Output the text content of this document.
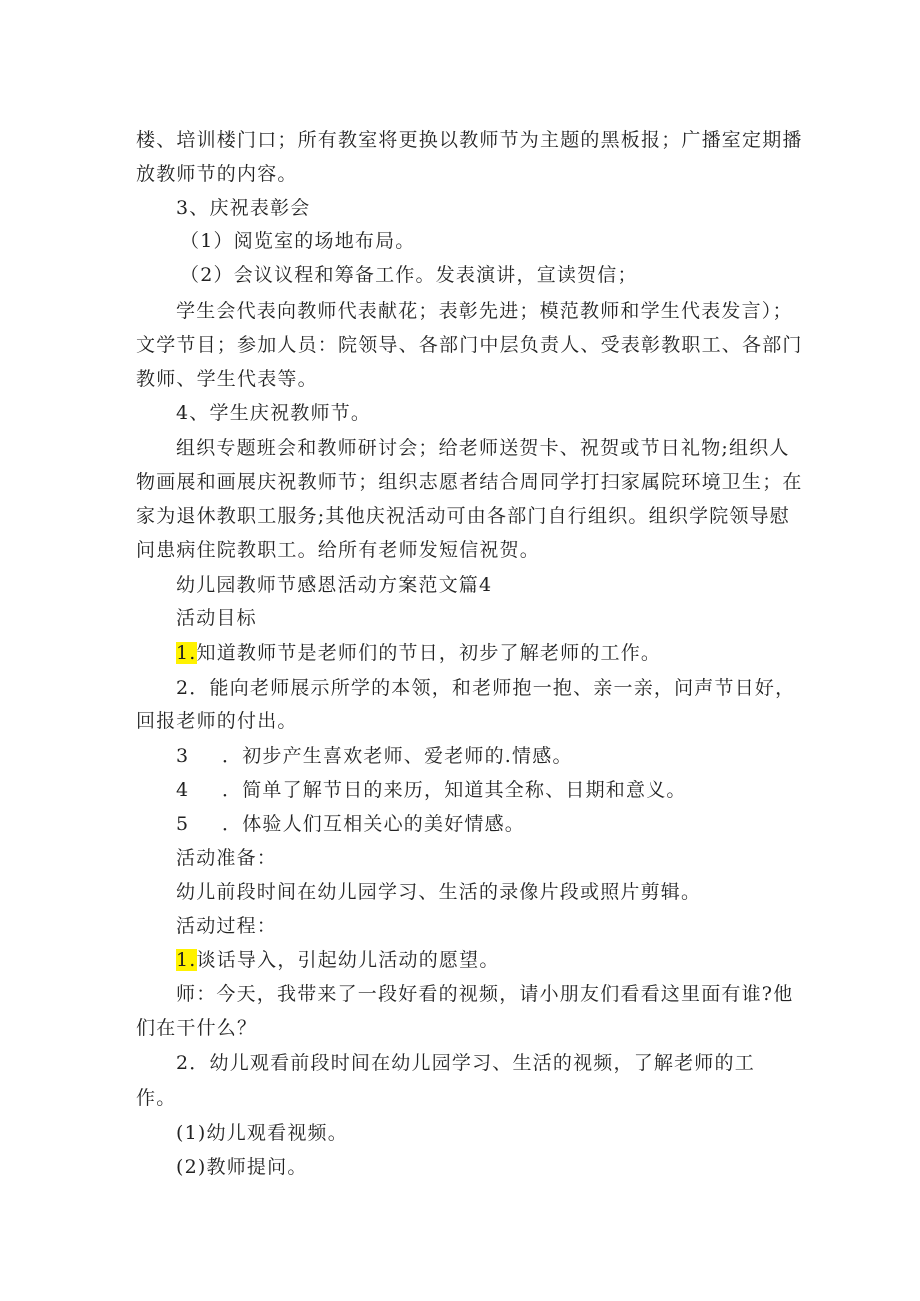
楼、培训楼门口；所有教室将更换以教师节为主题的黑板报；广播室定期播

放教师节的内容。

3、庆祝表彰会

（1）阅览室的场地布局。

（2）会议议程和筹备工作。发表演讲，宣读贺信；

学生会代表向教师代表献花；表彰先进；模范教师和学生代表发言）；

文学节目；参加人员：院领导、各部门中层负责人、受表彰教职工、各部门

教师、学生代表等。

4、学生庆祝教师节。

组织专题班会和教师研讨会；给老师送贺卡、祝贺或节日礼物;组织人

物画展和画展庆祝教师节；组织志愿者结合周同学打扫家属院环境卫生；在

家为退休教职工服务;其他庆祝活动可由各部门自行组织。组织学院领导慰

问患病住院教职工。给所有老师发短信祝贺。

幼儿园教师节感恩活动方案范文篇4

活动目标

1.知道教师节是老师们的节日，初步了解老师的工作。

2．能向老师展示所学的本领，和老师抱一抱、亲一亲，问声节日好，

回报老师的付出。

3 ．初步产生喜欢老师、爱老师的.情感。

4 ．简单了解节日的来历，知道其全称、日期和意义。

5 ．体验人们互相关心的美好情感。

活动准备：

幼儿前段时间在幼儿园学习、生活的录像片段或照片剪辑。

活动过程：

1.谈话导入，引起幼儿活动的愿望。

师：今天，我带来了一段好看的视频，请小朋友们看看这里面有谁?他

们在干什么？

2．幼儿观看前段时间在幼儿园学习、生活的视频，了解老师的工

作。

(1)幼儿观看视频。

(2)教师提问。
